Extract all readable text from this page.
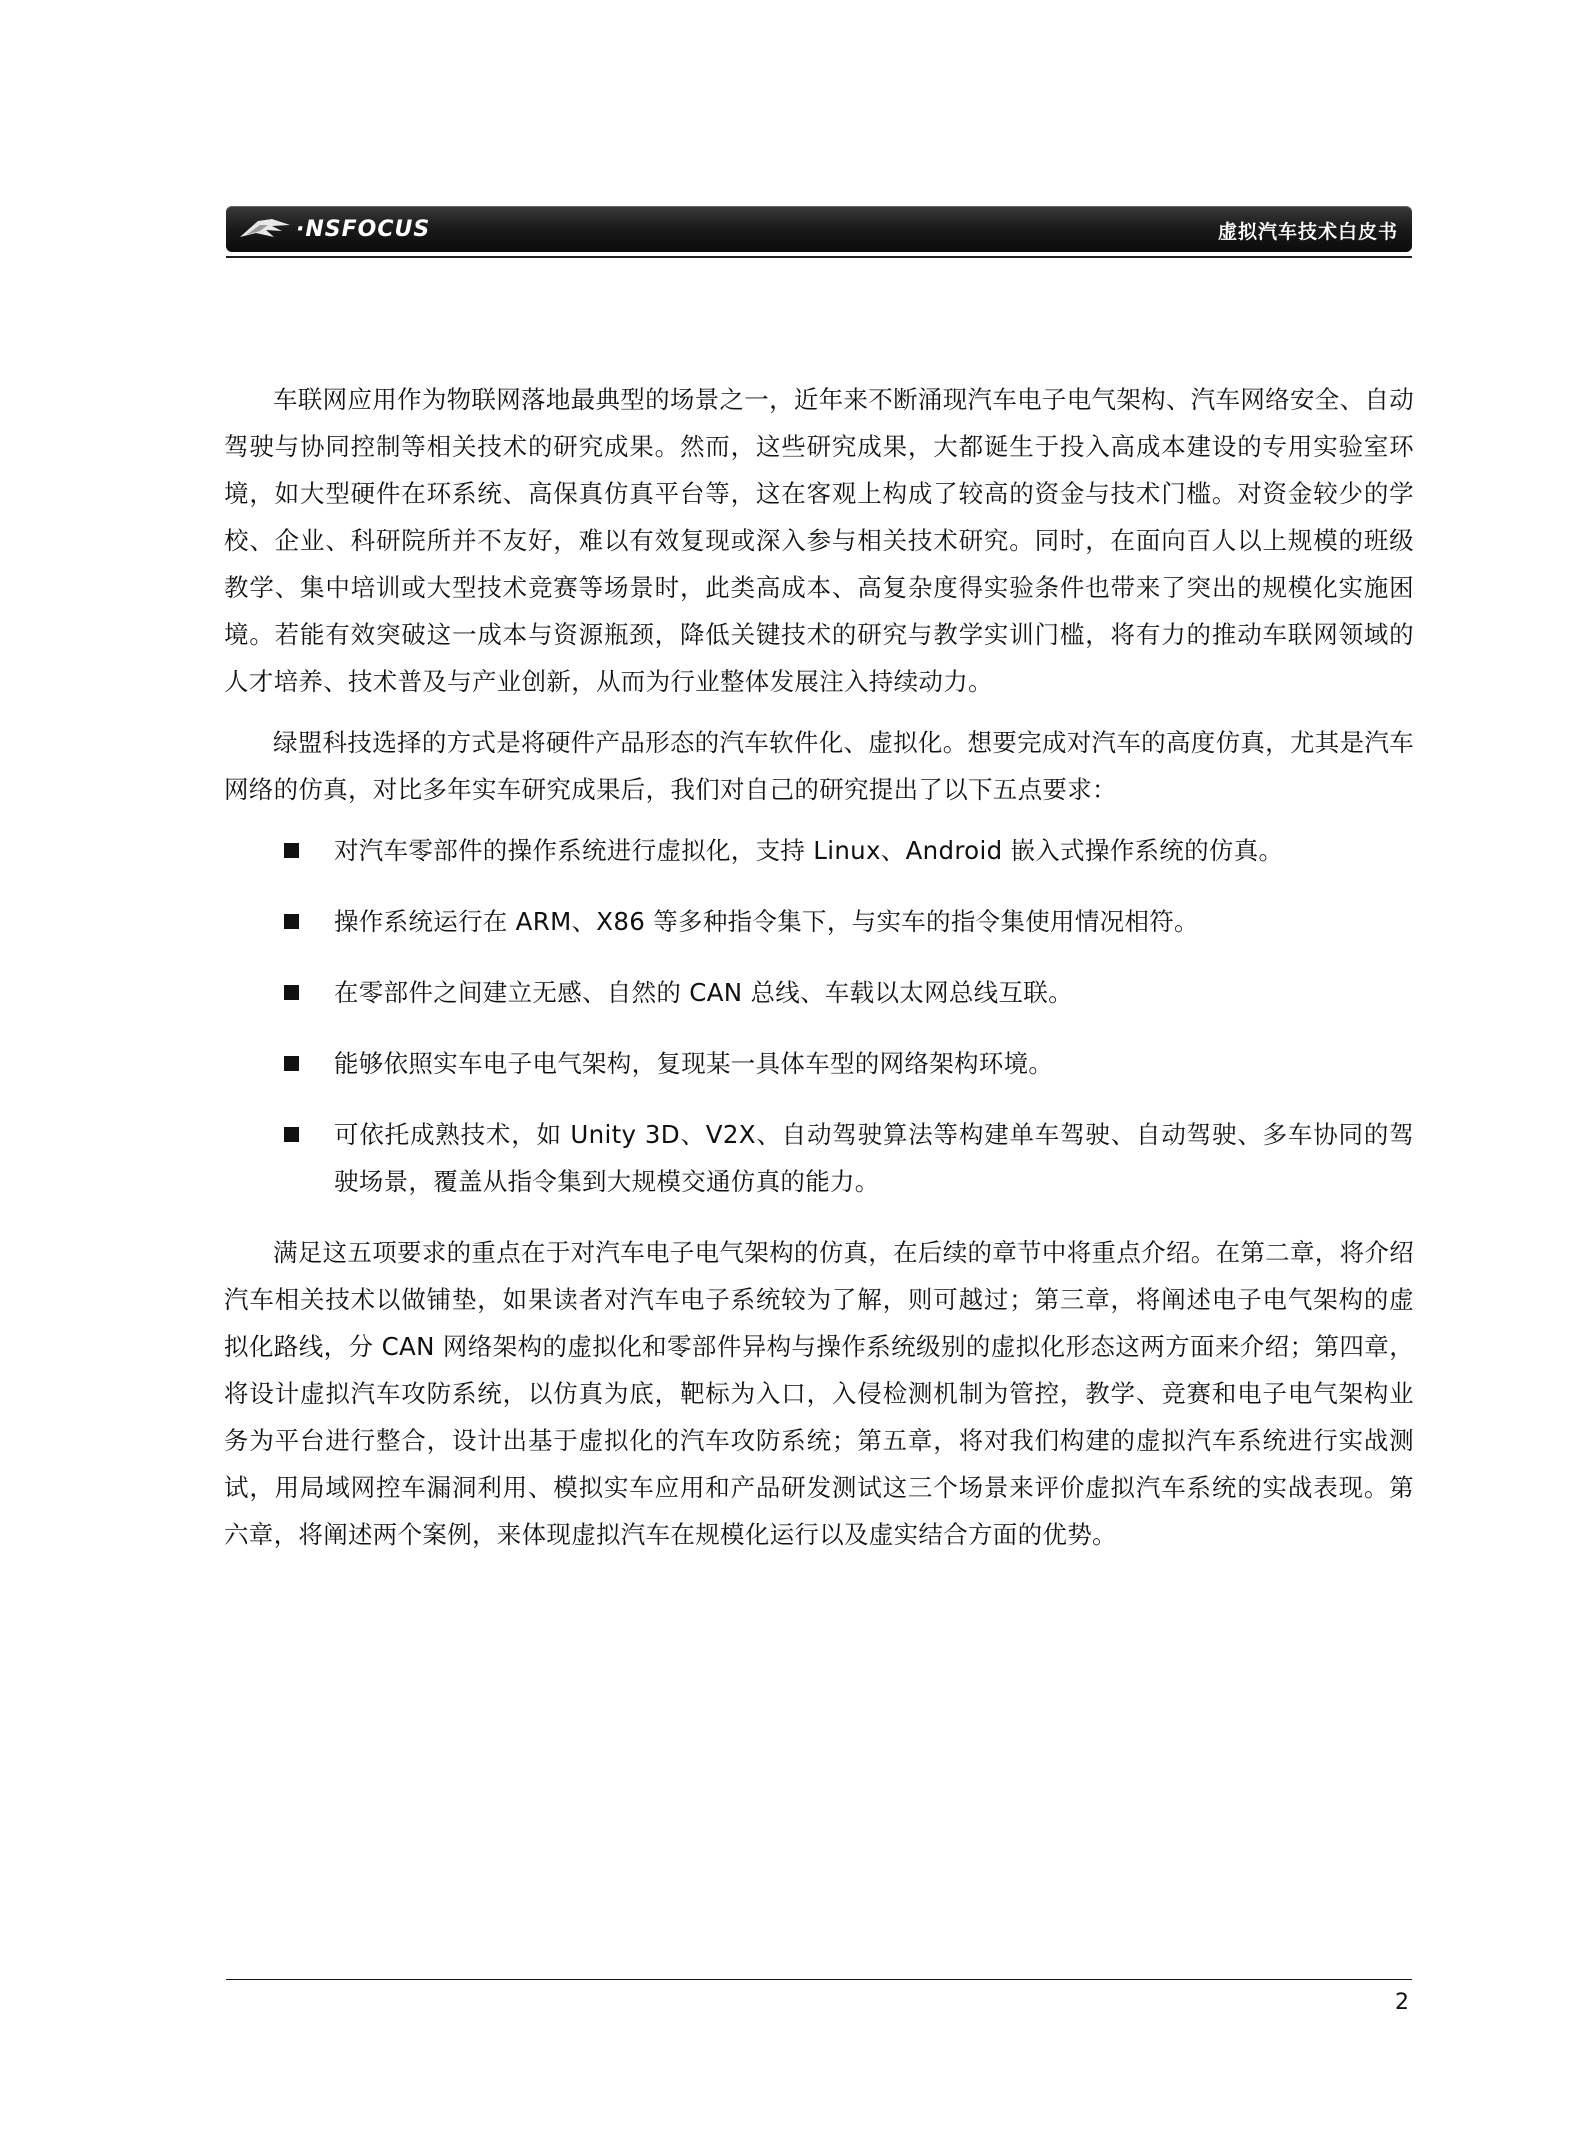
·NSFOCUS	虚拟汽车技术白皮书

车联网应用作为物联网落地最典型的场景之一，近年来不断涌现汽车电子电气架构、汽车网络安全、自动驾驶与协同控制等相关技术的研究成果。然而，这些研究成果，大都诞生于投入高成本建设的专用实验室环境，如大型硬件在环系统、高保真仿真平台等，这在客观上构成了较高的资金与技术门槛。对资金较少的学校、企业、科研院所并不友好，难以有效复现或深入参与相关技术研究。同时，在面向百人以上规模的班级教学、集中培训或大型技术竞赛等场景时，此类高成本、高复杂度得实验条件也带来了突出的规模化实施困境。若能有效突破这一成本与资源瓶颈，降低关键技术的研究与教学实训门槛，将有力的推动车联网领域的人才培养、技术普及与产业创新，从而为行业整体发展注入持续动力。

绿盟科技选择的方式是将硬件产品形态的汽车软件化、虚拟化。想要完成对汽车的高度仿真，尤其是汽车网络的仿真，对比多年实车研究成果后，我们对自己的研究提出了以下五点要求：

对汽车零部件的操作系统进行虚拟化，支持 Linux、Android 嵌入式操作系统的仿真。
操作系统运行在 ARM、X86 等多种指令集下，与实车的指令集使用情况相符。
在零部件之间建立无感、自然的 CAN 总线、车载以太网总线互联。
能够依照实车电子电气架构，复现某一具体车型的网络架构环境。
可依托成熟技术，如 Unity 3D、V2X、自动驾驶算法等构建单车驾驶、自动驾驶、多车协同的驾驶场景，覆盖从指令集到大规模交通仿真的能力。

满足这五项要求的重点在于对汽车电子电气架构的仿真，在后续的章节中将重点介绍。在第二章，将介绍汽车相关技术以做铺垫，如果读者对汽车电子系统较为了解，则可越过；第三章，将阐述电子电气架构的虚拟化路线，分 CAN 网络架构的虚拟化和零部件异构与操作系统级别的虚拟化形态这两方面来介绍；第四章，将设计虚拟汽车攻防系统，以仿真为底，靶标为入口，入侵检测机制为管控，教学、竞赛和电子电气架构业务为平台进行整合，设计出基于虚拟化的汽车攻防系统；第五章，将对我们构建的虚拟汽车系统进行实战测试，用局域网控车漏洞利用、模拟实车应用和产品研发测试这三个场景来评价虚拟汽车系统的实战表现。第六章，将阐述两个案例，来体现虚拟汽车在规模化运行以及虚实结合方面的优势。

2
